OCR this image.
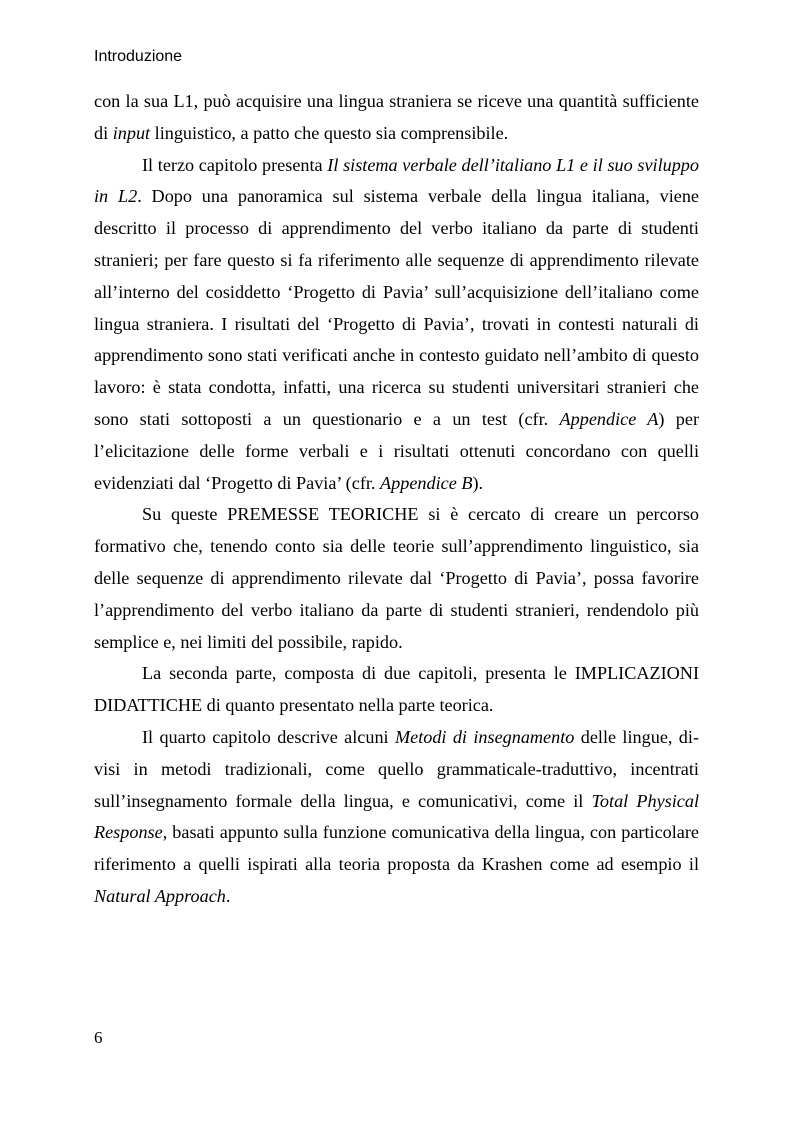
Introduzione

con la sua L1, può acquisire una lingua straniera se riceve una quantità sufficiente di input linguistico, a patto che questo sia comprensibile.

Il terzo capitolo presenta Il sistema verbale dell’italiano L1 e il suo sviluppo in L2. Dopo una panoramica sul sistema verbale della lingua italiana, viene descritto il processo di apprendimento del verbo italiano da parte di studenti stranieri; per fare questo si fa riferimento alle sequenze di apprendimento rilevate all’interno del cosiddetto ‘Progetto di Pavia’ sull’acquisizione dell’italiano come lingua straniera. I risultati del ‘Progetto di Pavia’, trovati in contesti naturali di apprendimento sono stati verificati anche in contesto guidato nell’ambito di questo lavoro: è stata condotta, infatti, una ricerca su studenti universitari stranieri che sono stati sottoposti a un questionario e a un test (cfr. Appendice A) per l’elicitazione delle forme verbali e i risultati ottenuti concordano con quelli evidenziati dal ‘Progetto di Pavia’ (cfr. Appendice B).

Su queste PREMESSE TEORICHE si è cercato di creare un percorso formativo che, tenendo conto sia delle teorie sull’apprendimento linguistico, sia delle sequenze di apprendimento rilevate dal ‘Progetto di Pavia’, possa favorire l’apprendimento del verbo italiano da parte di studenti stranieri, rendendolo più semplice e, nei limiti del possibile, rapido.

La seconda parte, composta di due capitoli, presenta le IMPLICAZIONI DIDATTICHE di quanto presentato nella parte teorica.

Il quarto capitolo descrive alcuni Metodi di insegnamento delle lingue, divisi in metodi tradizionali, come quello grammaticale-traduttivo, incentrati sull’insegnamento formale della lingua, e comunicativi, come il Total Physical Response, basati appunto sulla funzione comunicativa della lingua, con particolare riferimento a quelli ispirati alla teoria proposta da Krashen come ad esempio il Natural Approach.

6
